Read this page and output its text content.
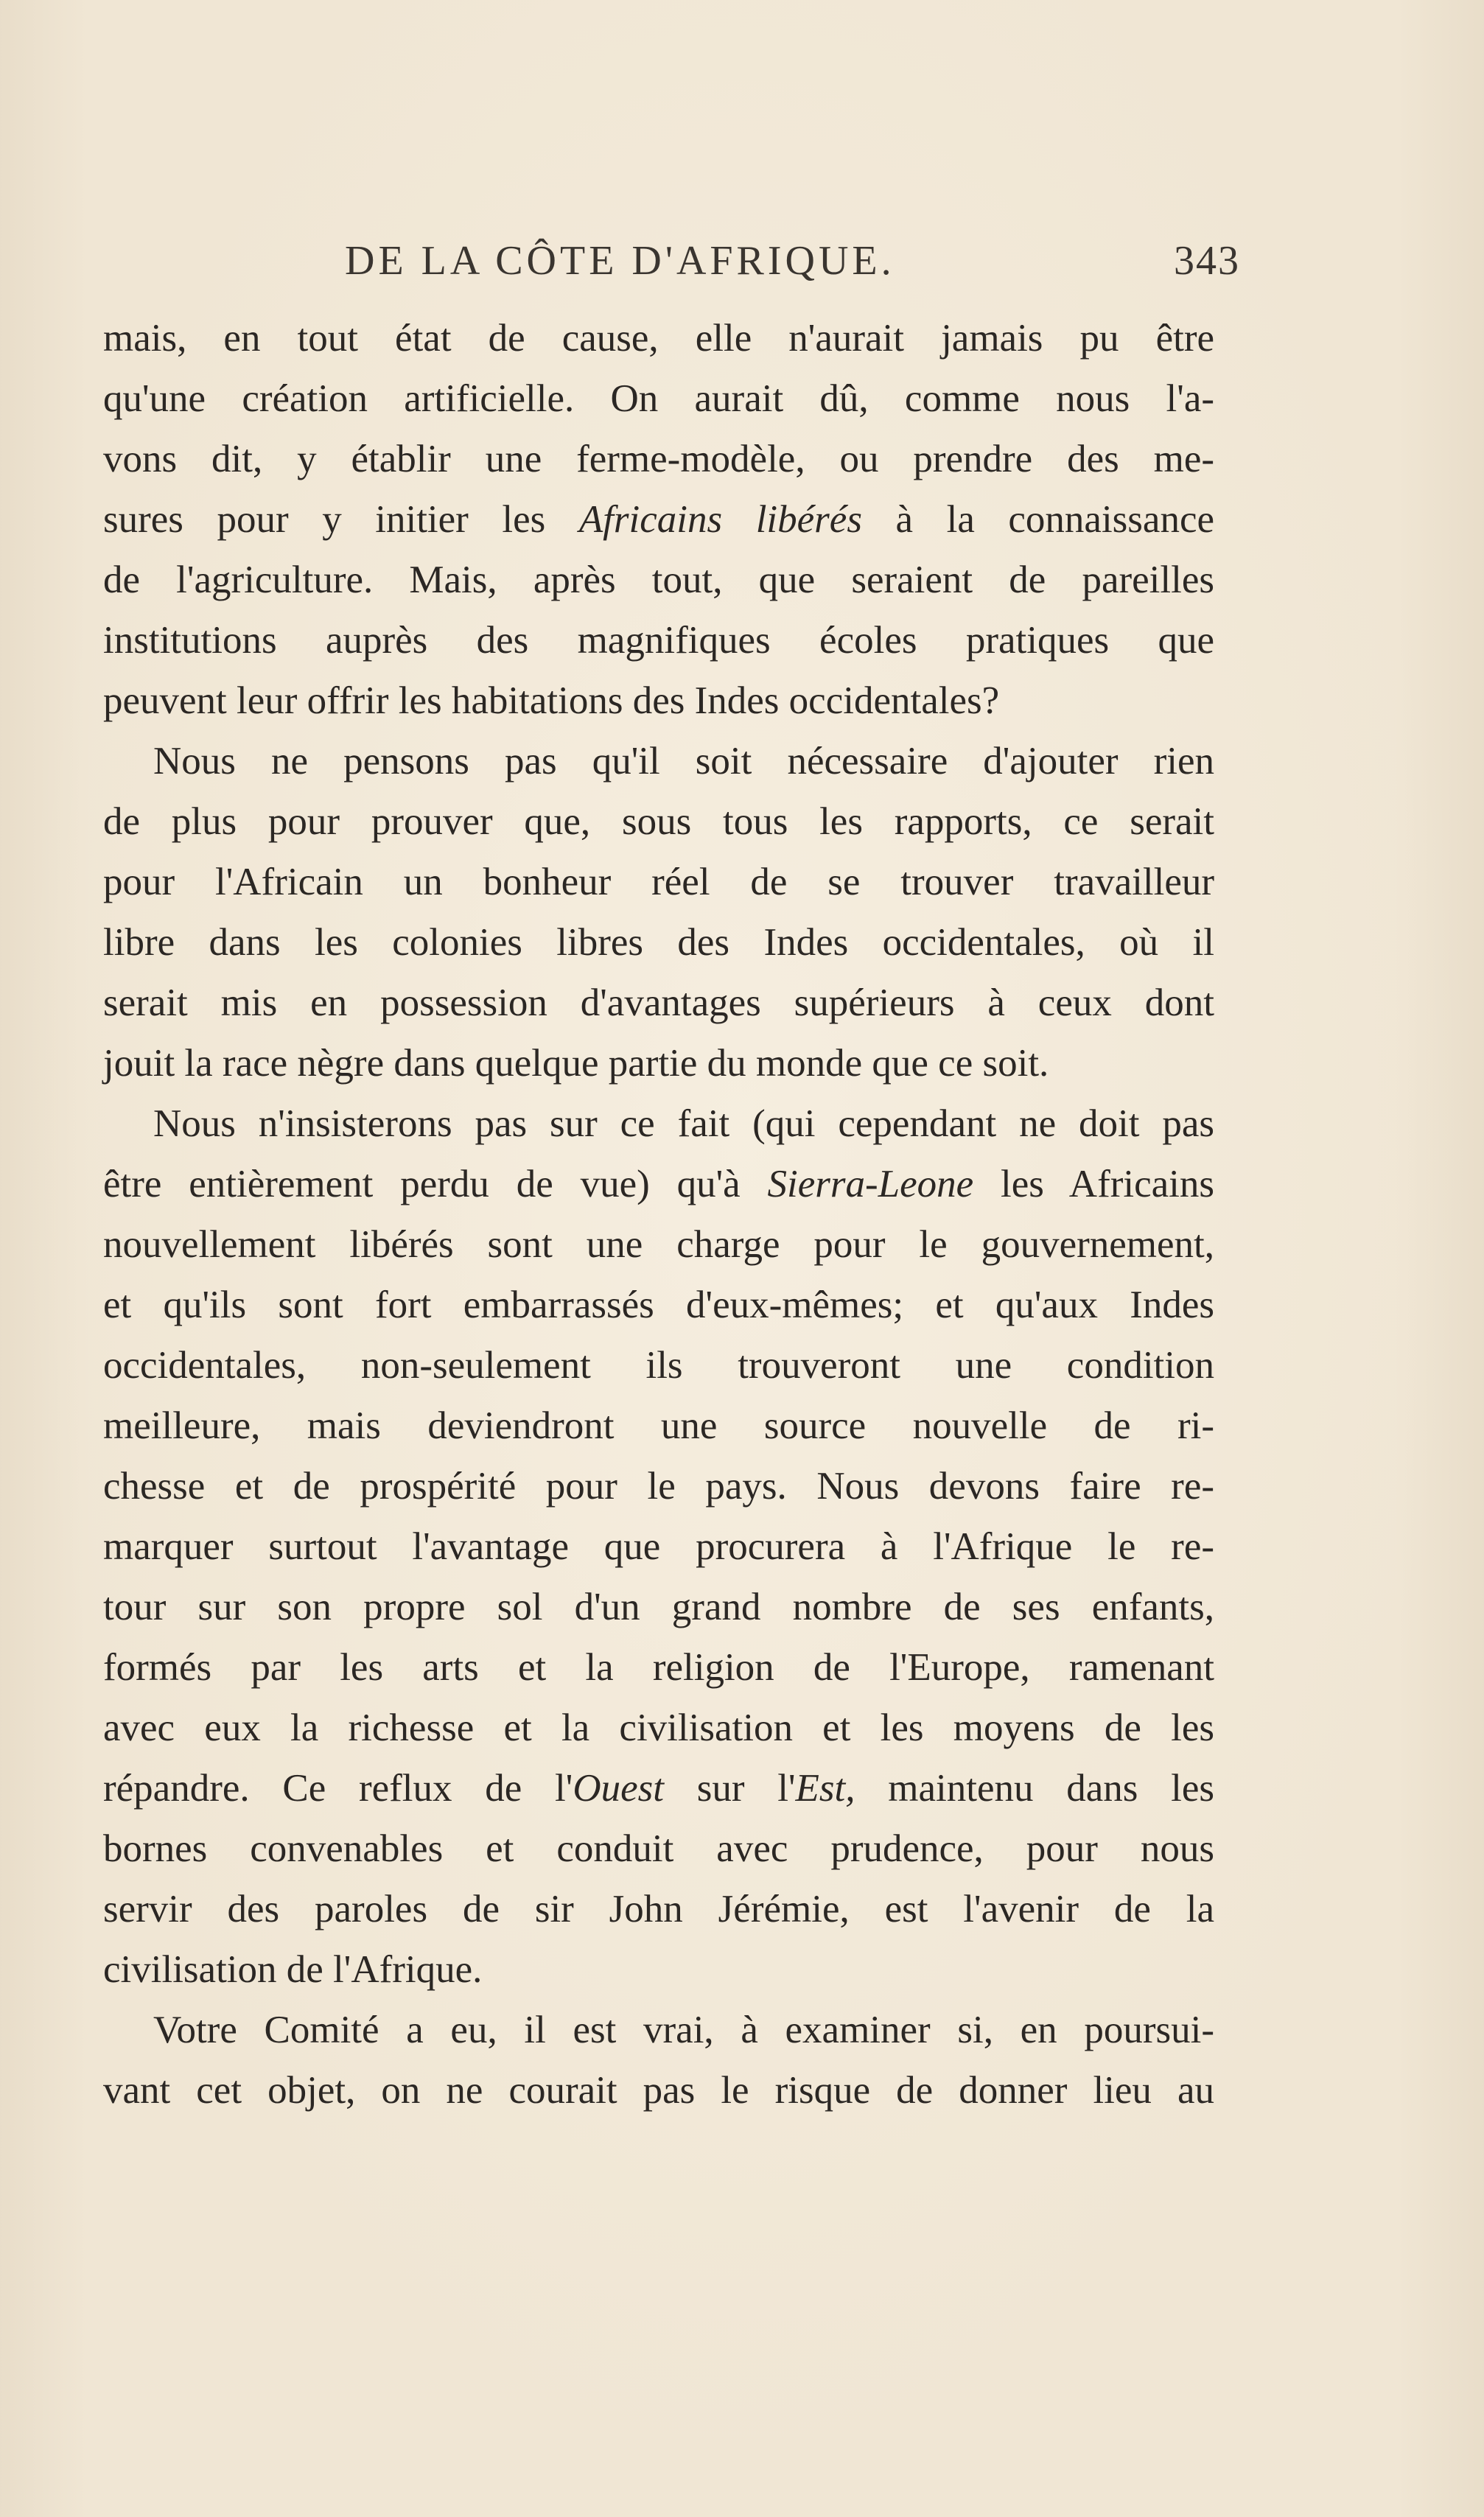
DE LA CÔTE D'AFRIQUE.	343
mais, en tout état de cause, elle n'aurait jamais pu être
qu'une création artificielle. On aurait dû, comme nous l'a-
vons dit, y établir une ferme-modèle, ou prendre des me-
sures pour y initier les Africains libérés à la connaissance
de l'agriculture. Mais, après tout, que seraient de pareilles
institutions auprès des magnifiques écoles pratiques que
peuvent leur offrir les habitations des Indes occidentales?
Nous ne pensons pas qu'il soit nécessaire d'ajouter rien
de plus pour prouver que, sous tous les rapports, ce serait
pour l'Africain un bonheur réel de se trouver travailleur
libre dans les colonies libres des Indes occidentales, où il
serait mis en possession d'avantages supérieurs à ceux dont
jouit la race nègre dans quelque partie du monde que ce soit.
Nous n'insisterons pas sur ce fait (qui cependant ne doit pas
être entièrement perdu de vue) qu'à Sierra-Leone les Africains
nouvellement libérés sont une charge pour le gouvernement,
et qu'ils sont fort embarrassés d'eux-mêmes; et qu'aux Indes
occidentales, non-seulement ils trouveront une condition
meilleure, mais deviendront une source nouvelle de ri-
chesse et de prospérité pour le pays. Nous devons faire re-
marquer surtout l'avantage que procurera à l'Afrique le re-
tour sur son propre sol d'un grand nombre de ses enfants,
formés par les arts et la religion de l'Europe, ramenant
avec eux la richesse et la civilisation et les moyens de les
répandre. Ce reflux de l'Ouest sur l'Est, maintenu dans les
bornes convenables et conduit avec prudence, pour nous
servir des paroles de sir John Jérémie, est l'avenir de la
civilisation de l'Afrique.
Votre Comité a eu, il est vrai, à examiner si, en poursui-
vant cet objet, on ne courait pas le risque de donner lieu au
